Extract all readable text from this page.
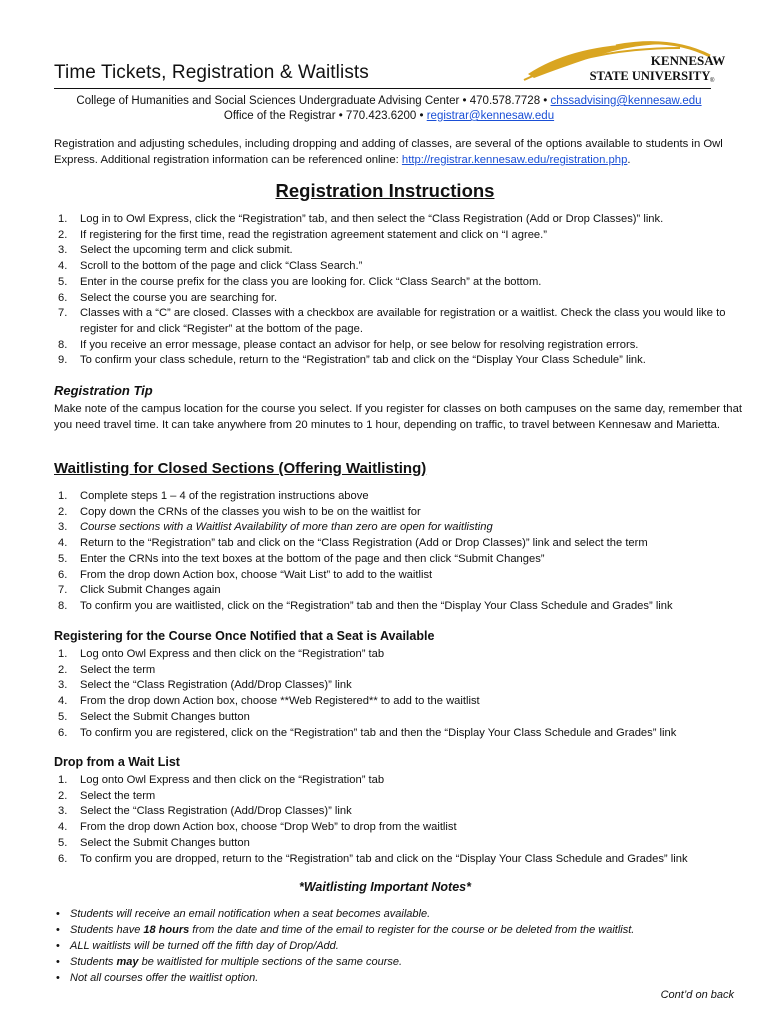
Time Tickets, Registration & Waitlists
KENNESAW
STATE UNIVERSITY ®
College of Humanities and Social Sciences Undergraduate Advising Center • 470.578.7728 • chssadvising@kennesaw.edu
Office of the Registrar • 770.423.6200 • registrar@kennesaw.edu

Registration and adjusting schedules, including dropping and adding of classes, are several of the options available to students in Owl Express. Additional registration information can be referenced online: http://registrar.kennesaw.edu/registration.php.

Registration Instructions
1.	Log in to Owl Express, click the “Registration” tab, and then select the “Class Registration (Add or Drop Classes)” link.
2.	If registering for the first time, read the registration agreement statement and click on “I agree.”
3.	Select the upcoming term and click submit.
4.	Scroll to the bottom of the page and click “Class Search.”
5.	Enter in the course prefix for the class you are looking for. Click “Class Search” at the bottom.
6.	Select the course you are searching for.
7.	Classes with a “C” are closed. Classes with a checkbox are available for registration or a waitlist. Check the class you would like to register for and click “Register” at the bottom of the page.
8.	If you receive an error message, please contact an advisor for help, or see below for resolving registration errors.
9.	To confirm your class schedule, return to the “Registration” tab and click on the “Display Your Class Schedule” link.
Registration Tip

Make note of the campus location for the course you select. If you register for classes on both campuses on the same day, remember that you need travel time. It can take anywhere from 20 minutes to 1 hour, depending on traffic, to travel between Kennesaw and Marietta.

Waitlisting for Closed Sections (Offering Waitlisting)
1.	Complete steps 1 – 4 of the registration instructions above
2.	Copy down the CRNs of the classes you wish to be on the waitlist for
3.	Course sections with a Waitlist Availability of more than zero are open for waitlisting
4.	Return to the “Registration” tab and click on the “Class Registration (Add or Drop Classes)” link and select the term
5.	Enter the CRNs into the text boxes at the bottom of the page and then click “Submit Changes”
6.	From the drop down Action box, choose “Wait List” to add to the waitlist
7.	Click Submit Changes again
8.	To confirm you are waitlisted, click on the “Registration” tab and then the “Display Your Class Schedule and Grades” link
Registering for the Course Once Notified that a Seat is Available
1.	Log onto Owl Express and then click on the “Registration” tab
2.	Select the term
3.	Select the “Class Registration (Add/Drop Classes)” link
4.	From the drop down Action box, choose **Web Registered** to add to the waitlist
5.	Select the Submit Changes button
6.	To confirm you are registered, click on the “Registration” tab and then the “Display Your Class Schedule and Grades” link
Drop from a Wait List
1.	Log onto Owl Express and then click on the “Registration” tab
2.	Select the term
3.	Select the “Class Registration (Add/Drop Classes)” link
4.	From the drop down Action box, choose “Drop Web” to drop from the waitlist
5.	Select the Submit Changes button
6.	To confirm you are dropped, return to the “Registration” tab and click on the “Display Your Class Schedule and Grades” link
*Waitlisting Important Notes*
• Students will receive an email notification when a seat becomes available.
• Students have 18 hours from the date and time of the email to register for the course or be deleted from the waitlist.
• ALL waitlists will be turned off the fifth day of Drop/Add.
• Students may be waitlisted for multiple sections of the same course.
• Not all courses offer the waitlist option.
Cont’d on back
